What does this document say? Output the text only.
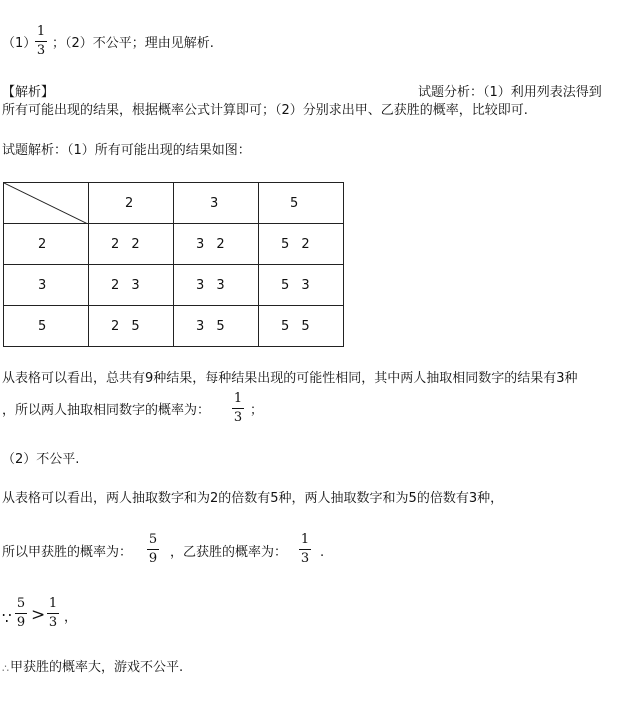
（1）
1
3 ；（2）不公平；理由见解析.
【解析】	试题分析：（1）利用列表法得到
所有可能出现的结果，根据概率公式计算即可；（2）分别求出甲、乙获胜的概率，比较即可.
试题解析：（1）所有可能出现的结果如图：
	2	3	5
2	2 2	3 2	5 2
3	2 3	3 3	5 3
5	2 5	3 5	5 5
从表格可以看出，总共有9种结果，每种结果出现的可能性相同，其中两人抽取相同数字的结果有3种
，所以两人抽取相同数字的概率为：
1
3 ；
（2）不公平.
从表格可以看出，两人抽取数字和为2的倍数有5种，两人抽取数字和为5的倍数有3种，
所以甲获胜的概率为：
5
9 ，乙获胜的概率为：
1
3 .
∵
5
9 >
1
3 ，
∴ 甲获胜的概率大，游戏不公平.
